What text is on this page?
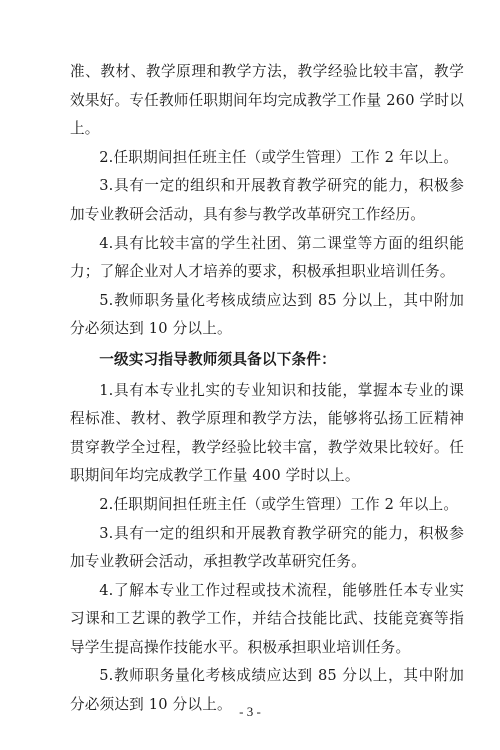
准、教材、教学原理和教学方法，教学经验比较丰富，教学效果好。专任教师任职期间年均完成教学工作量 260 学时以上。

2.任职期间担任班主任（或学生管理）工作 2 年以上。

3.具有一定的组织和开展教育教学研究的能力，积极参加专业教研会活动，具有参与教学改革研究工作经历。

4.具有比较丰富的学生社团、第二课堂等方面的组织能力；了解企业对人才培养的要求，积极承担职业培训任务。

5.教师职务量化考核成绩应达到 85 分以上，其中附加分必须达到 10 分以上。

一级实习指导教师须具备以下条件：

1.具有本专业扎实的专业知识和技能，掌握本专业的课程标准、教材、教学原理和教学方法，能够将弘扬工匠精神贯穿教学全过程，教学经验比较丰富，教学效果比较好。任职期间年均完成教学工作量 400 学时以上。

2.任职期间担任班主任（或学生管理）工作 2 年以上。

3.具有一定的组织和开展教育教学研究的能力，积极参加专业教研会活动，承担教学改革研究任务。

4.了解本专业工作过程或技术流程，能够胜任本专业实习课和工艺课的教学工作，并结合技能比武、技能竞赛等指导学生提高操作技能水平。积极承担职业培训任务。

5.教师职务量化考核成绩应达到 85 分以上，其中附加分必须达到 10 分以上。 - 3 -
